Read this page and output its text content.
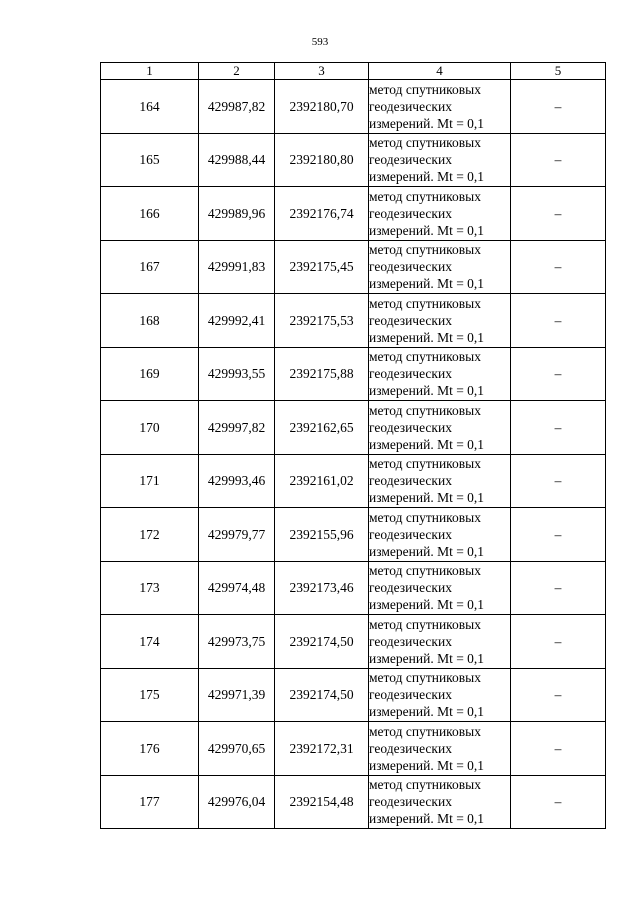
593
1	2	3	4	5
164	429987,82	2392180,70	метод спутниковых
геодезических
измерений. Mt = 0,1	–
165	429988,44	2392180,80	метод спутниковых
геодезических
измерений. Mt = 0,1	–
166	429989,96	2392176,74	метод спутниковых
геодезических
измерений. Mt = 0,1	–
167	429991,83	2392175,45	метод спутниковых
геодезических
измерений. Mt = 0,1	–
168	429992,41	2392175,53	метод спутниковых
геодезических
измерений. Mt = 0,1	–
169	429993,55	2392175,88	метод спутниковых
геодезических
измерений. Mt = 0,1	–
170	429997,82	2392162,65	метод спутниковых
геодезических
измерений. Mt = 0,1	–
171	429993,46	2392161,02	метод спутниковых
геодезических
измерений. Mt = 0,1	–
172	429979,77	2392155,96	метод спутниковых
геодезических
измерений. Mt = 0,1	–
173	429974,48	2392173,46	метод спутниковых
геодезических
измерений. Mt = 0,1	–
174	429973,75	2392174,50	метод спутниковых
геодезических
измерений. Mt = 0,1	–
175	429971,39	2392174,50	метод спутниковых
геодезических
измерений. Mt = 0,1	–
176	429970,65	2392172,31	метод спутниковых
геодезических
измерений. Mt = 0,1	–
177	429976,04	2392154,48	метод спутниковых
геодезических
измерений. Mt = 0,1	–
